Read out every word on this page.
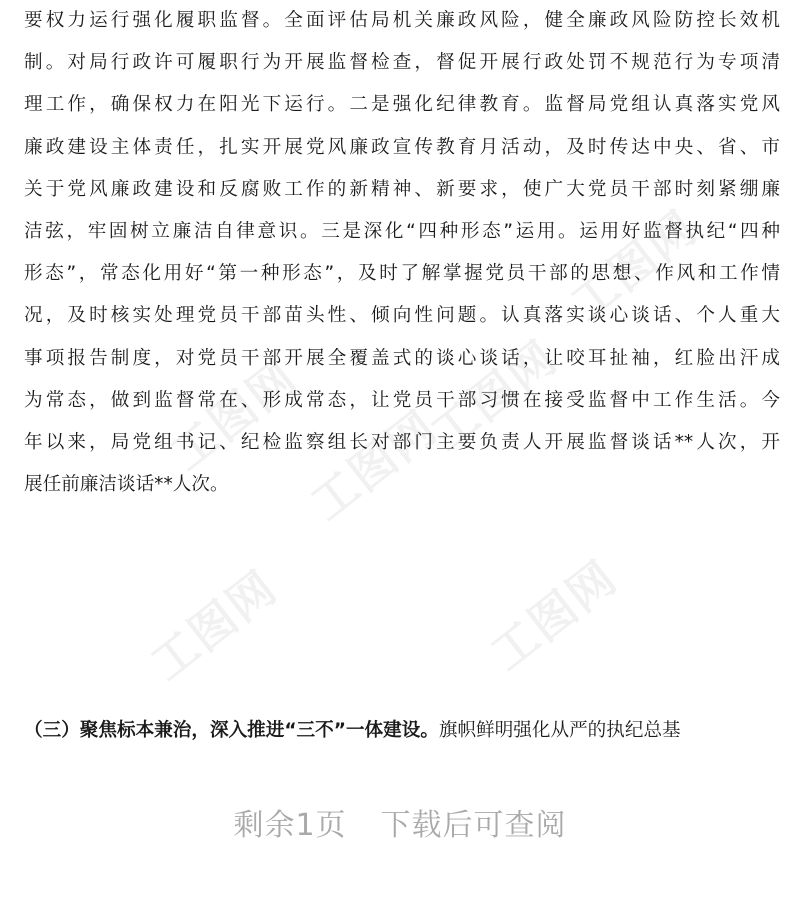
工图网
工图网
工图网
工图网	工图网
工图网
要权力运行强化履职监督。全面评估局机关廉政风险，健全廉政风险防控长效机
制。对局行政许可履职行为开展监督检查，督促开展行政处罚不规范行为专项清
理工作，确保权力在阳光下运行。二是强化纪律教育。监督局党组认真落实党风
廉政建设主体责任，扎实开展党风廉政宣传教育月活动，及时传达中央、省、市
关于党风廉政建设和反腐败工作的新精神、新要求，使广大党员干部时刻紧绷廉
洁弦，牢固树立廉洁自律意识。三是深化“四种形态”运用。运用好监督执纪“四种
形态”，常态化用好“第一种形态”，及时了解掌握党员干部的思想、作风和工作情
况，及时核实处理党员干部苗头性、倾向性问题。认真落实谈心谈话、个人重大
事项报告制度，对党员干部开展全覆盖式的谈心谈话，让咬耳扯袖，红脸出汗成
为常态，做到监督常在、形成常态，让党员干部习惯在接受监督中工作生活。今
年以来，局党组书记、纪检监察组长对部门主要负责人开展监督谈话**人次，开
展任前廉洁谈话**人次。
（三）聚焦标本兼治，深入推进“三不”一体建设。旗帜鲜明强化从严的执纪总基
剩余1页 下载后可查阅
